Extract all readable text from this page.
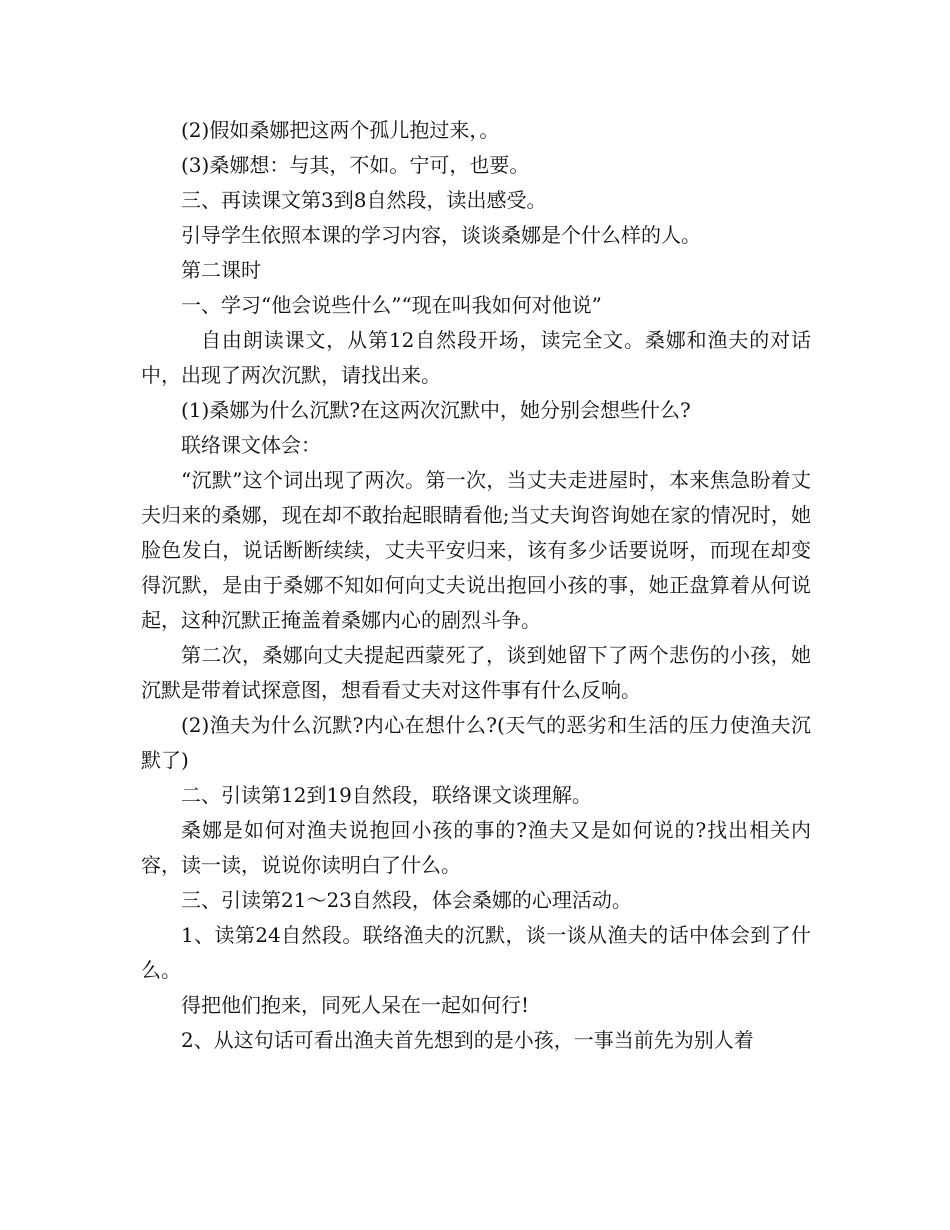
(2)假如桑娜把这两个孤儿抱过来，。

(3)桑娜想：与其，不如。宁可，也要。

三、再读课文第3到8自然段，读出感受。

引导学生依照本课的学习内容，谈谈桑娜是个什么样的人。

第二课时

一、学习“他会说些什么”“现在叫我如何对他说”

自由朗读课文，从第12自然段开场，读完全文。桑娜和渔夫的对话中，出现了两次沉默，请找出来。

(1)桑娜为什么沉默?在这两次沉默中，她分别会想些什么?

联络课文体会：

“沉默”这个词出现了两次。第一次，当丈夫走进屋时，本来焦急盼着丈夫归来的桑娜，现在却不敢抬起眼睛看他;当丈夫询咨询她在家的情况时，她脸色发白，说话断断续续，丈夫平安归来，该有多少话要说呀，而现在却变得沉默，是由于桑娜不知如何向丈夫说出抱回小孩的事，她正盘算着从何说起，这种沉默正掩盖着桑娜内心的剧烈斗争。

第二次，桑娜向丈夫提起西蒙死了，谈到她留下了两个悲伤的小孩，她沉默是带着试探意图，想看看丈夫对这件事有什么反响。

(2)渔夫为什么沉默?内心在想什么?(天气的恶劣和生活的压力使渔夫沉默了)

二、引读第12到19自然段，联络课文谈理解。

桑娜是如何对渔夫说抱回小孩的事的?渔夫又是如何说的?找出相关内容，读一读，说说你读明白了什么。

三、引读第21～23自然段，体会桑娜的心理活动。

1、读第24自然段。联络渔夫的沉默，谈一谈从渔夫的话中体会到了什么。

得把他们抱来，同死人呆在一起如何行!

2、从这句话可看出渔夫首先想到的是小孩，一事当前先为别人着
